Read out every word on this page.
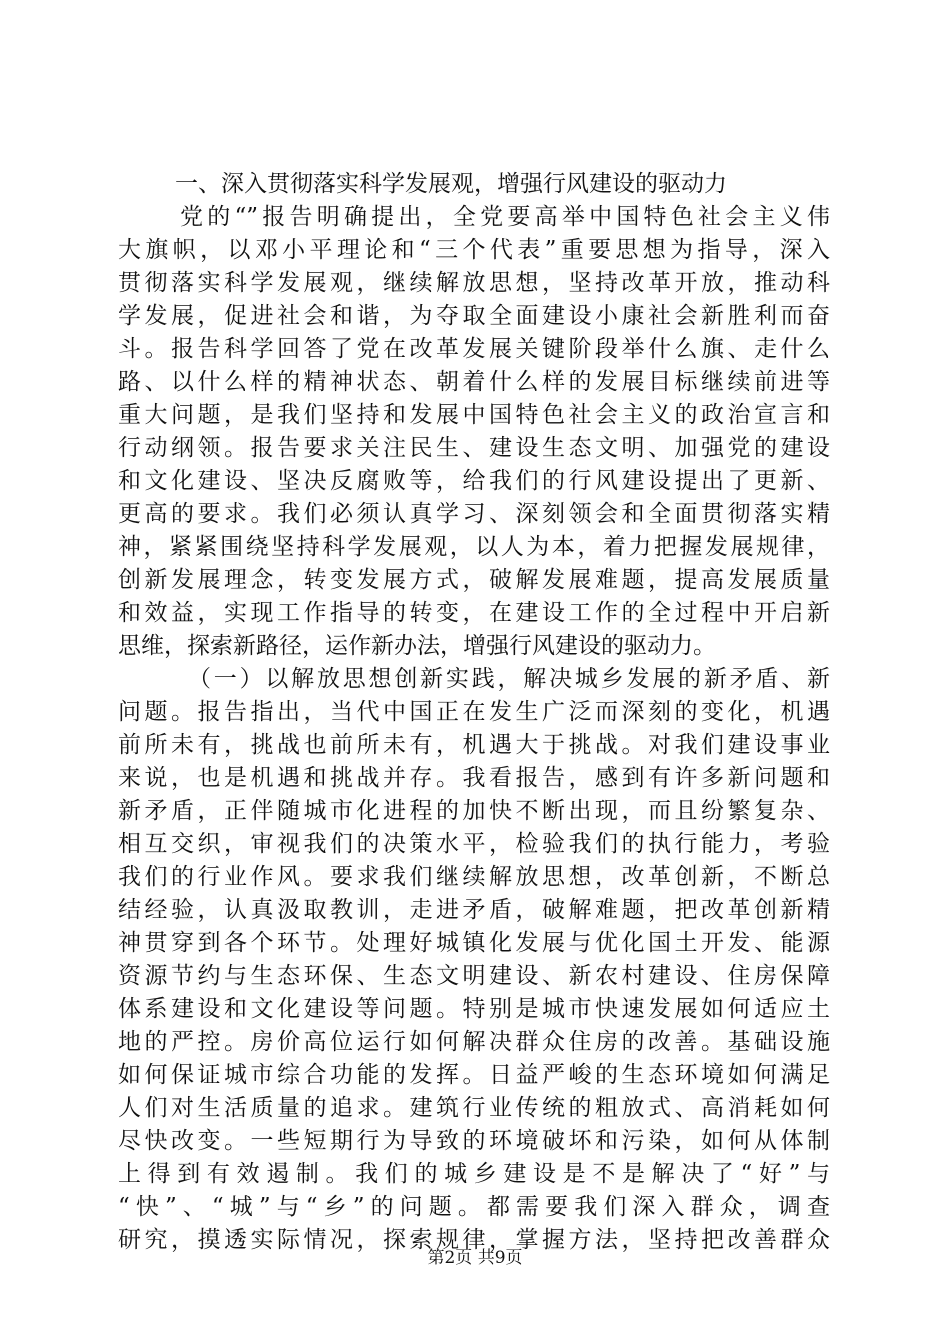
一、深入贯彻落实科学发展观，增强行风建设的驱动力
党的“”报告明确提出，全党要高举中国特色社会主义伟
大旗帜，以邓小平理论和“三个代表”重要思想为指导，深入
贯彻落实科学发展观，继续解放思想，坚持改革开放，推动科
学发展，促进社会和谐，为夺取全面建设小康社会新胜利而奋
斗。报告科学回答了党在改革发展关键阶段举什么旗、走什么
路、以什么样的精神状态、朝着什么样的发展目标继续前进等
重大问题，是我们坚持和发展中国特色社会主义的政治宣言和
行动纲领。报告要求关注民生、建设生态文明、加强党的建设
和文化建设、坚决反腐败等，给我们的行风建设提出了更新、
更高的要求。我们必须认真学习、深刻领会和全面贯彻落实精
神，紧紧围绕坚持科学发展观，以人为本，着力把握发展规律，
创新发展理念，转变发展方式，破解发展难题，提高发展质量
和效益，实现工作指导的转变，在建设工作的全过程中开启新
思维，探索新路径，运作新办法，增强行风建设的驱动力。
（一）以解放思想创新实践，解决城乡发展的新矛盾、新
问题。报告指出，当代中国正在发生广泛而深刻的变化，机遇
前所未有，挑战也前所未有，机遇大于挑战。对我们建设事业
来说，也是机遇和挑战并存。我看报告，感到有许多新问题和
新矛盾，正伴随城市化进程的加快不断出现，而且纷繁复杂、
相互交织，审视我们的决策水平，检验我们的执行能力，考验
我们的行业作风。要求我们继续解放思想，改革创新，不断总
结经验，认真汲取教训，走进矛盾，破解难题，把改革创新精
神贯穿到各个环节。处理好城镇化发展与优化国土开发、能源
资源节约与生态环保、生态文明建设、新农村建设、住房保障
体系建设和文化建设等问题。特别是城市快速发展如何适应土
地的严控。房价高位运行如何解决群众住房的改善。基础设施
如何保证城市综合功能的发挥。日益严峻的生态环境如何满足
人们对生活质量的追求。建筑行业传统的粗放式、高消耗如何
尽快改变。一些短期行为导致的环境破坏和污染，如何从体制
上得到有效遏制。我们的城乡建设是不是解决了“好”与
“快”、“城”与“乡”的问题。都需要我们深入群众，调查
研究，摸透实际情况，探索规律，掌握方法，坚持把改善群众
第2页 共9页
